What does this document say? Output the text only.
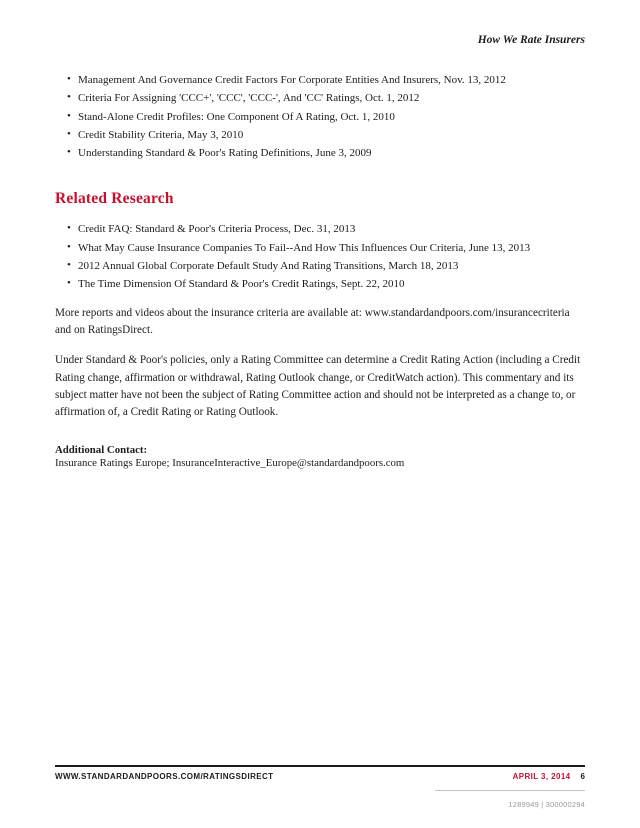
How We Rate Insurers
• Management And Governance Credit Factors For Corporate Entities And Insurers, Nov. 13, 2012
• Criteria For Assigning 'CCC+', 'CCC', 'CCC-', And 'CC' Ratings, Oct. 1, 2012
• Stand-Alone Credit Profiles: One Component Of A Rating, Oct. 1, 2010
• Credit Stability Criteria, May 3, 2010
• Understanding Standard & Poor's Rating Definitions, June 3, 2009
Related Research
• Credit FAQ: Standard & Poor's Criteria Process, Dec. 31, 2013
• What May Cause Insurance Companies To Fail--And How This Influences Our Criteria, June 13, 2013
• 2012 Annual Global Corporate Default Study And Rating Transitions, March 18, 2013
• The Time Dimension Of Standard & Poor's Credit Ratings, Sept. 22, 2010

More reports and videos about the insurance criteria are available at: www.standardandpoors.com/insurancecriteria and on RatingsDirect.

Under Standard & Poor's policies, only a Rating Committee can determine a Credit Rating Action (including a Credit Rating change, affirmation or withdrawal, Rating Outlook change, or CreditWatch action). This commentary and its subject matter have not been the subject of Rating Committee action and should not be interpreted as a change to, or affirmation of, a Credit Rating or Rating Outlook.

Additional Contact:

Insurance Ratings Europe; InsuranceInteractive_Europe@standardandpoors.com

WWW.STANDARDANDPOORS.COM/RATINGSDIRECT	APRIL 3, 2014 6
1289949 | 300000294
